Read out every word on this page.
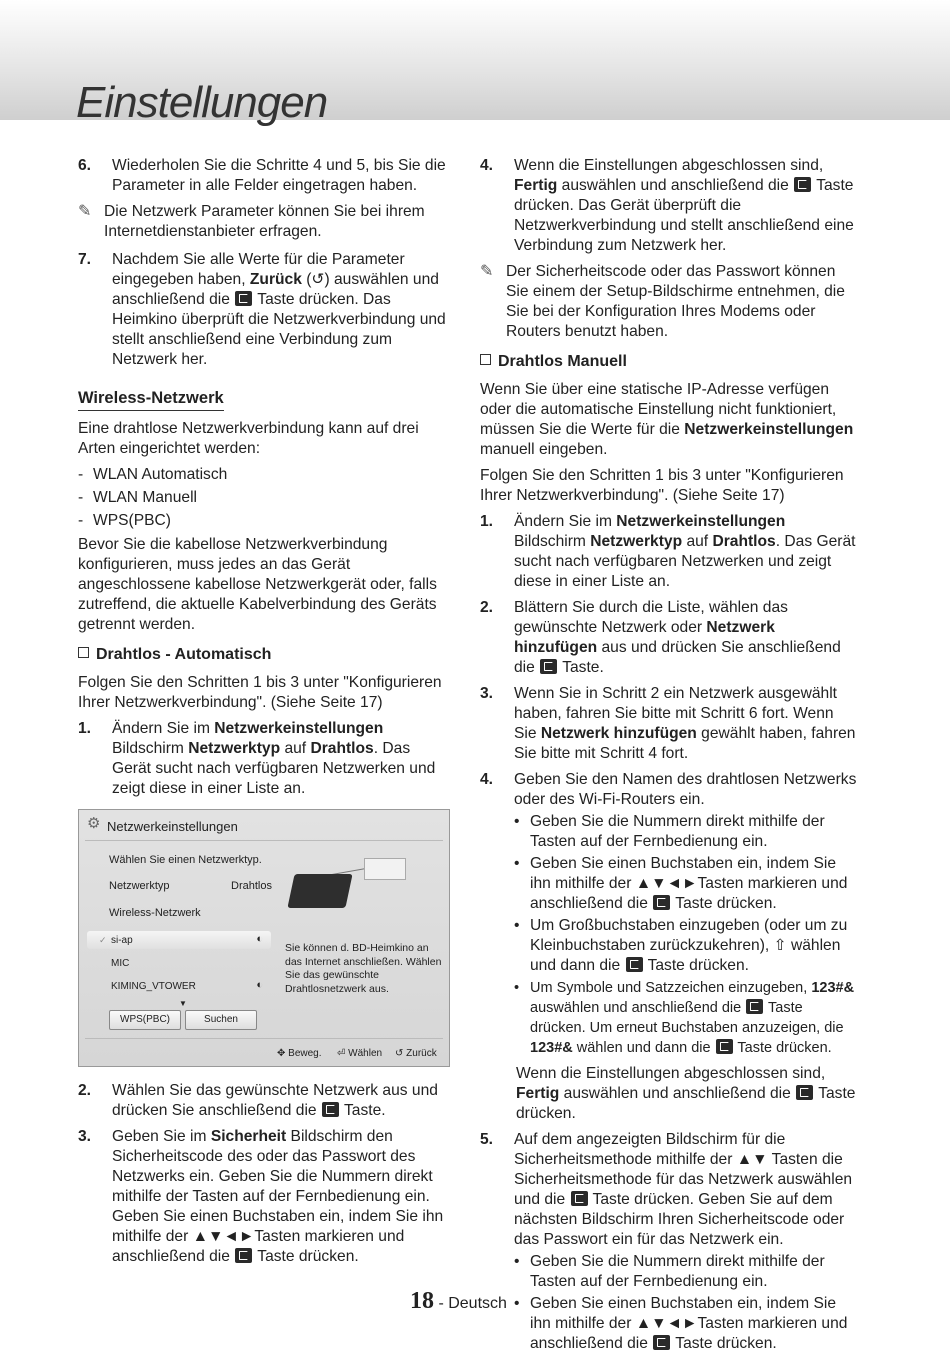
Einstellungen
6. Wiederholen Sie die Schritte 4 und 5, bis Sie die Parameter in alle Felder eingetragen haben.
✎ Die Netzwerk Parameter können Sie bei ihrem Internetdienstanbieter erfragen.
7. Nachdem Sie alle Werte für die Parameter eingegeben haben, Zurück (↺) auswählen und anschließend die  Taste drücken. Das Heimkino überprüft die Netzwerkverbindung und stellt anschließend eine Verbindung zum Netzwerk her.
Wireless-Netzwerk

Eine drahtlose Netzwerkverbindung kann auf drei Arten eingerichtet werden:

- WLAN Automatisch
- WLAN Manuell
- WPS(PBC)

Bevor Sie die kabellose Netzwerkverbindung konfigurieren, muss jedes an das Gerät angeschlossene kabellose Netzwerkgerät oder, falls zutreffend, die aktuelle Kabelverbindung des Geräts getrennt werden.

Drahtlos - Automatisch

Folgen Sie den Schritten 1 bis 3 unter "Konfigurieren Ihrer Netzwerkverbindung". (Siehe Seite 17)

1. Ändern Sie im Netzwerkeinstellungen Bildschirm Netzwerktyp auf Drahtlos. Das Gerät sucht nach verfügbaren Netzwerken und zeigt diese in einer Liste an.
⚙ Netzwerkeinstellungen
Wählen Sie einen Netzwerktyp.
Netzwerktyp	Drahtlos
Wireless-Netzwerk
✓ si-ap	◐
MIC
KIMING_VTOWER	◐
▼
WPS(PBC)	Suchen
Sie können d. BD-Heimkino an das Internet anschließen. Wählen Sie das gewünschte Drahtlosnetzwerk aus.
✥ Beweg. ⏎ Wählen ↺ Zurück
2. Wählen Sie das gewünschte Netzwerk aus und drücken Sie anschließend die  Taste.
3. Geben Sie im Sicherheit Bildschirm den Sicherheitscode des oder das Passwort des Netzwerks ein. Geben Sie die Nummern direkt mithilfe der Tasten auf der Fernbedienung ein. Geben Sie einen Buchstaben ein, indem Sie ihn mithilfe der ▲▼◄►Tasten markieren und anschließend die  Taste drücken.
4. Wenn die Einstellungen abgeschlossen sind, Fertig auswählen und anschließend die  Taste drücken. Das Gerät überprüft die Netzwerkverbindung und stellt anschließend eine Verbindung zum Netzwerk her.
✎ Der Sicherheitscode oder das Passwort können Sie einem der Setup-Bildschirme entnehmen, die Sie bei der Konfiguration Ihres Modems oder Routers benutzt haben.
Drahtlos Manuell

Wenn Sie über eine statische IP-Adresse verfügen oder die automatische Einstellung nicht funktioniert, müssen Sie die Werte für die Netzwerkeinstellungen manuell eingeben.

Folgen Sie den Schritten 1 bis 3 unter "Konfigurieren Ihrer Netzwerkverbindung". (Siehe Seite 17)

1. Ändern Sie im Netzwerkeinstellungen Bildschirm Netzwerktyp auf Drahtlos. Das Gerät sucht nach verfügbaren Netzwerken und zeigt diese in einer Liste an.
2. Blättern Sie durch die Liste, wählen das gewünschte Netzwerk oder Netzwerk hinzufügen aus und drücken Sie anschließend die  Taste.
3. Wenn Sie in Schritt 2 ein Netzwerk ausgewählt haben, fahren Sie bitte mit Schritt 6 fort. Wenn Sie Netzwerk hinzufügen gewählt haben, fahren Sie bitte mit Schritt 4 fort.
4. Geben Sie den Namen des drahtlosen Netzwerks oder des Wi-Fi-Routers ein.
• Geben Sie die Nummern direkt mithilfe der Tasten auf der Fernbedienung ein.
• Geben Sie einen Buchstaben ein, indem Sie ihn mithilfe der ▲▼◄►Tasten markieren und anschließend die  Taste drücken.
• Um Großbuchstaben einzugeben (oder um zu Kleinbuchstaben zurückzukehren), ⇧ wählen und dann die  Taste drücken.
• Um Symbole und Satzzeichen einzugeben, 123#& auswählen und anschließend die  Taste drücken. Um erneut Buchstaben anzuzeigen, die 123#& wählen und dann die  Taste drücken.
Wenn die Einstellungen abgeschlossen sind, Fertig auswählen und anschließend die  Taste drücken.
5. Auf dem angezeigten Bildschirm für die Sicherheitsmethode mithilfe der ▲▼ Tasten die Sicherheitsmethode für das Netzwerk auswählen und die  Taste drücken. Geben Sie auf dem nächsten Bildschirm Ihren Sicherheitscode oder das Passwort ein für das Netzwerk ein.
• Geben Sie die Nummern direkt mithilfe der Tasten auf der Fernbedienung ein.
• Geben Sie einen Buchstaben ein, indem Sie ihn mithilfe der ▲▼◄►Tasten markieren und anschließend die  Taste drücken.
18 - Deutsch
